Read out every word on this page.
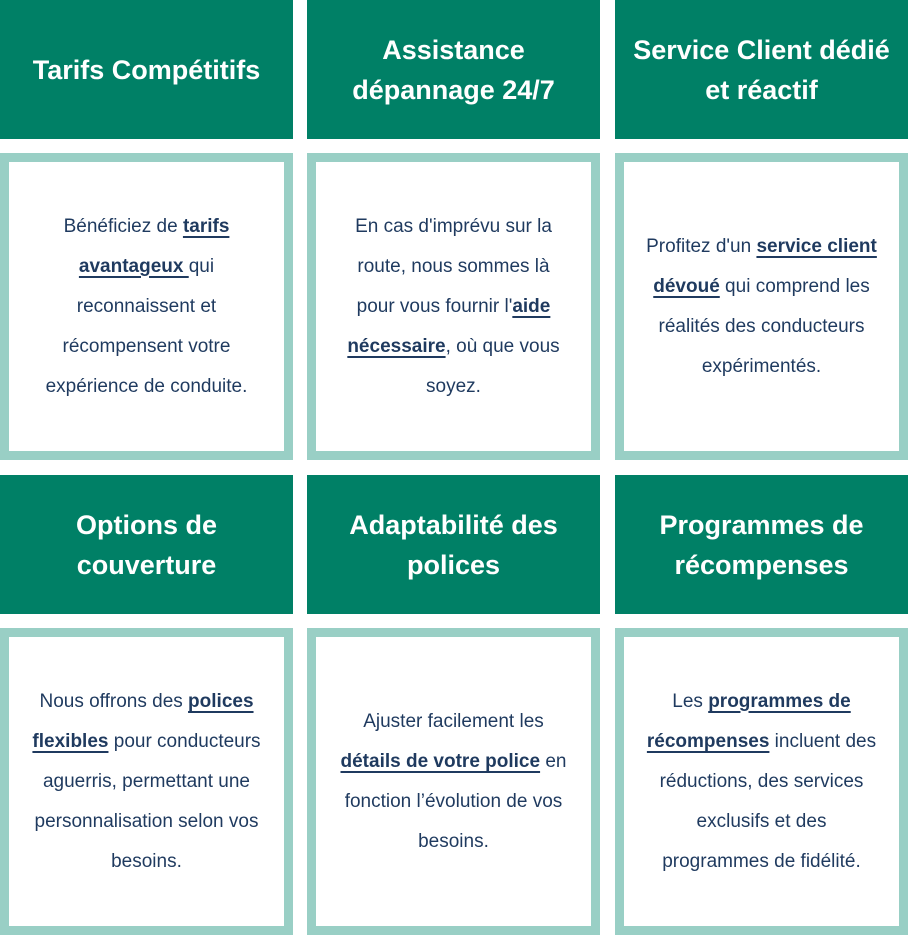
Tarifs Compétitifs
Assistance dépannage 24/7
Service Client dédié et réactif

Bénéficiez de tarifs avantageux qui reconnaissent et récompensent votre expérience de conduite.

En cas d'imprévu sur la route, nous sommes là pour vous fournir l'aide nécessaire, où que vous soyez.

Profitez d'un service client dévoué qui comprend les réalités des conducteurs expérimentés.

Options de couverture
Adaptabilité des polices
Programmes de récompenses

Nous offrons des polices flexibles pour conducteurs aguerris, permettant une personnalisation selon vos besoins.

Ajuster facilement les détails de votre police en fonction l’évolution de vos besoins.

Les programmes de récompenses incluent des réductions, des services exclusifs et des programmes de fidélité.
